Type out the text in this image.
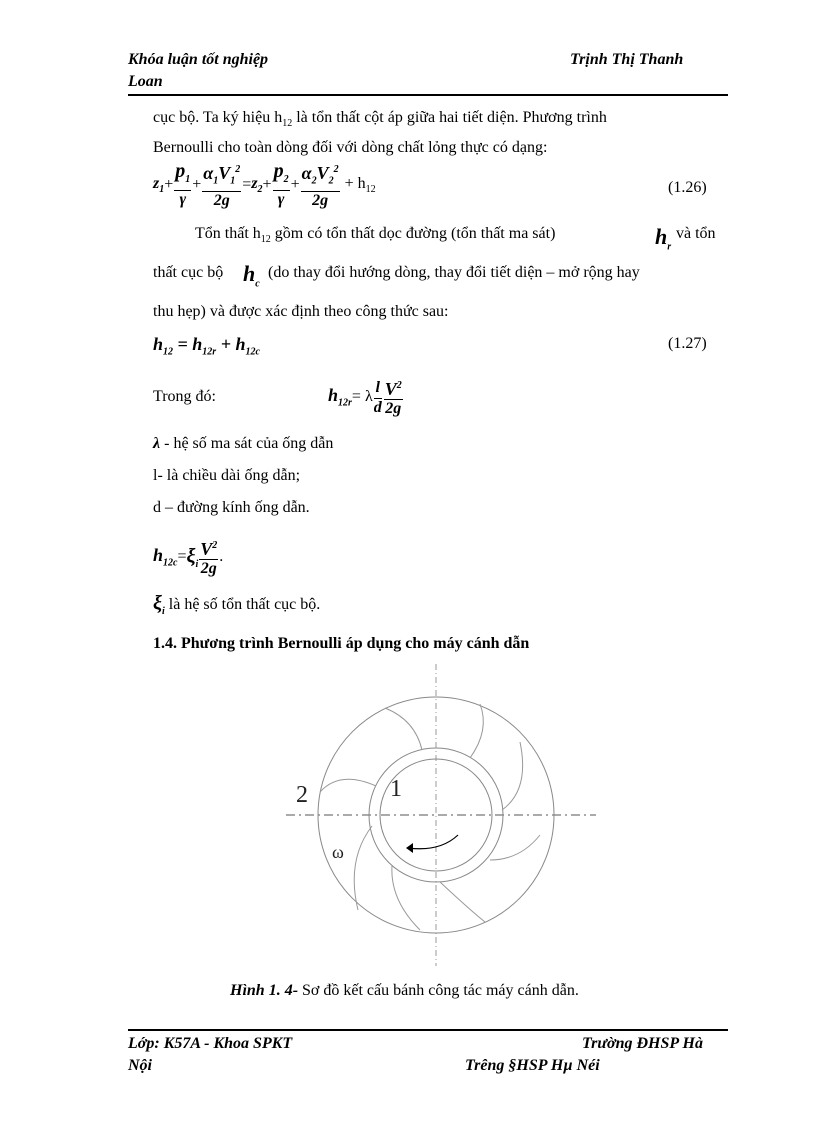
Khóa luận tốt nghiệp
Loan
Trịnh Thị Thanh
cục bộ. Ta ký hiệu $h_{12}$ là tổn thất cột áp giữa hai tiết diện. Phương trình
Bernoulli cho toàn dòng đối với dòng chất lỏng thực có dạng:
$z_1 + \frac{p_1}{\gamma} + \frac{\alpha_1V_1^2}{2g} = z_2 + \frac{p_2}{\gamma} + \frac{\alpha_2V_2^2}{2g} + h_{12}$	(1.26)
Tổn thất $h_{12}$ gồm có tổn thất dọc đường (tổn thất ma sát)	$h_r$
và tổn
thất cục bộ $h_c$
(do thay đổi hướng dòng, thay đổi tiết diện – mở rộng hay
thu hẹp) và được xác định theo công thức sau:
$h_{12} = h_{12r} + h_{12c}$
(1.27)
Trong đó:	$h_{12r} = \lambda \frac{l}{d} \frac{V^2}{2g}$
λ - hệ số ma sát của ống dẫn
l- là chiều dài ống dẫn;
d – đường kính ống dẫn.
$h_{12c} = \xi_i \frac{V^2}{2g}$ .
$\xi_i$ là hệ số tổn thất cục bộ.
1.4. Phương trình Bernoulli áp dụng cho máy cánh dẫn
2	1
ω
Hình 1. 4- Sơ đồ kết cấu bánh công tác máy cánh dẫn.
Lớp: K57A - Khoa SPKT
Nội
Trường ĐHSP Hà
Trêng §HSP Hµ Néi
